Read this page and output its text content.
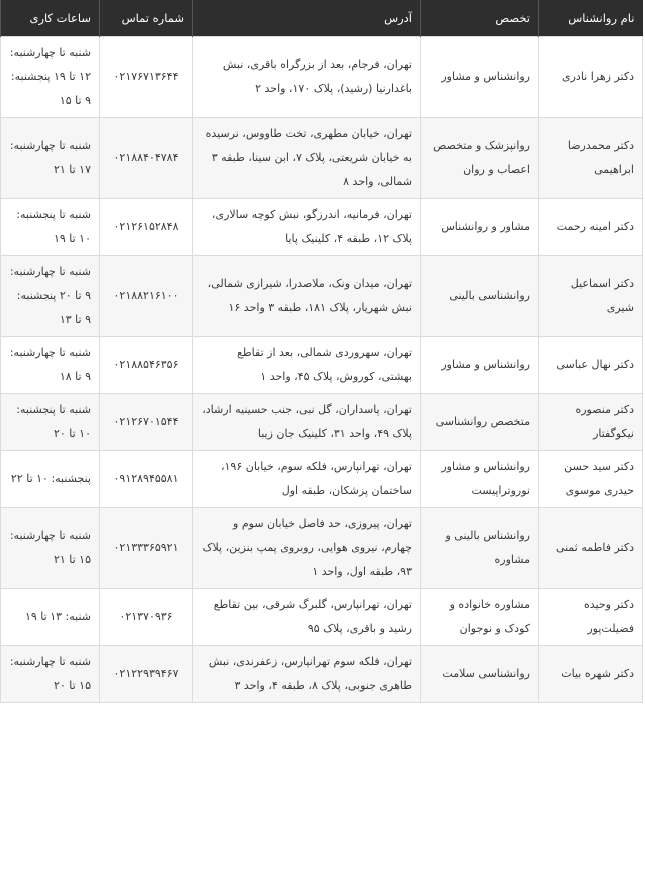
نام روانشناس	تخصص	آدرس	شماره تماس	ساعات کاری
دکتر زهرا نادری	روانشناس و مشاور	تهران، فرجام، بعد از بزرگراه باقری، نبش باغدارنیا (رشید)، پلاک ۱۷۰، واحد ۲	۰۲۱۷۶۷۱۳۶۴۴	شنبه تا چهارشنبه: ۱۲ تا ۱۹ پنجشنبه: ۹ تا ۱۵
دکتر محمدرضا ابراهیمی	روانپزشک و متخصص اعصاب و روان	تهران، خیابان مطهری، تخت طاووس، نرسیده به خیابان شریعتی، پلاک ۷، ابن سینا، طبقه ۳ شمالی، واحد ۸	۰۲۱۸۸۴۰۴۷۸۴	شنبه تا چهارشنبه: ۱۷ تا ۲۱
دکتر امینه رحمت	مشاور و روانشناس	تهران، فرمانیه، اندرزگو، نبش کوچه سالاری، پلاک ۱۲، طبقه ۴، کلینیک پایا	۰۲۱۲۶۱۵۲۸۴۸	شنبه تا پنجشنبه: ۱۰ تا ۱۹
دکتر اسماعیل شیری	روانشناسی بالینی	تهران، میدان ونک، ملاصدرا، شیرازی شمالی، نبش شهریار، پلاک ۱۸۱، طبقه ۳ واحد ۱۶	۰۲۱۸۸۲۱۶۱۰۰	شنبه تا چهارشنبه: ۹ تا ۲۰ پنجشنبه: ۹ تا ۱۳
دکتر نهال عباسی	روانشناس و مشاور	تهران، سهروردی شمالی، بعد از تقاطع بهشتی، کوروش، پلاک ۴۵، واحد ۱	۰۲۱۸۸۵۴۶۳۵۶	شنبه تا چهارشنبه: ۹ تا ۱۸
دکتر منصوره نیکوگفتار	متخصص روانشناسی	تهران، پاسداران، گل نبی، جنب حسینیه ارشاد، پلاک ۴۹، واحد ۳۱، کلینیک جان زیبا	۰۲۱۲۶۷۰۱۵۴۴	شنبه تا پنجشنبه: ۱۰ تا ۲۰
دکتر سید حسن حیدری موسوی	روانشناس و مشاور نوروتراپیست	تهران، تهرانپارس، فلکه سوم، خیابان ۱۹۶، ساختمان پزشکان، طبقه اول	۰۹۱۲۸۹۴۵۵۸۱	پنجشنبه: ۱۰ تا ۲۲
دکتر فاطمه ثمنی	روانشناس بالینی و مشاوره	تهران، پیروزی، حد فاصل خیابان سوم و چهارم، نیروی هوایی، روبروی پمپ بنزین، پلاک ۹۳، طبقه اول، واحد ۱	۰۲۱۳۳۳۶۵۹۲۱	شنبه تا چهارشنبه: ۱۵ تا ۲۱
دکتر وحیده فضیلت‌پور	مشاوره خانواده و کودک و نوجوان	تهران، تهرانپارس، گلبرگ شرقی، بین تقاطع رشید و باقری، پلاک ۹۵	۰۲۱۳۷۰۹۳۶	شنبه: ۱۳ تا ۱۹
دکتر شهره بیات	روانشناسی سلامت	تهران، فلکه سوم تهرانپارس، زعفرندی، نبش طاهری جنوبی، پلاک ۸، طبقه ۴، واحد ۳	۰۲۱۲۲۹۳۹۴۶۷	شنبه تا چهارشنبه: ۱۵ تا ۲۰
